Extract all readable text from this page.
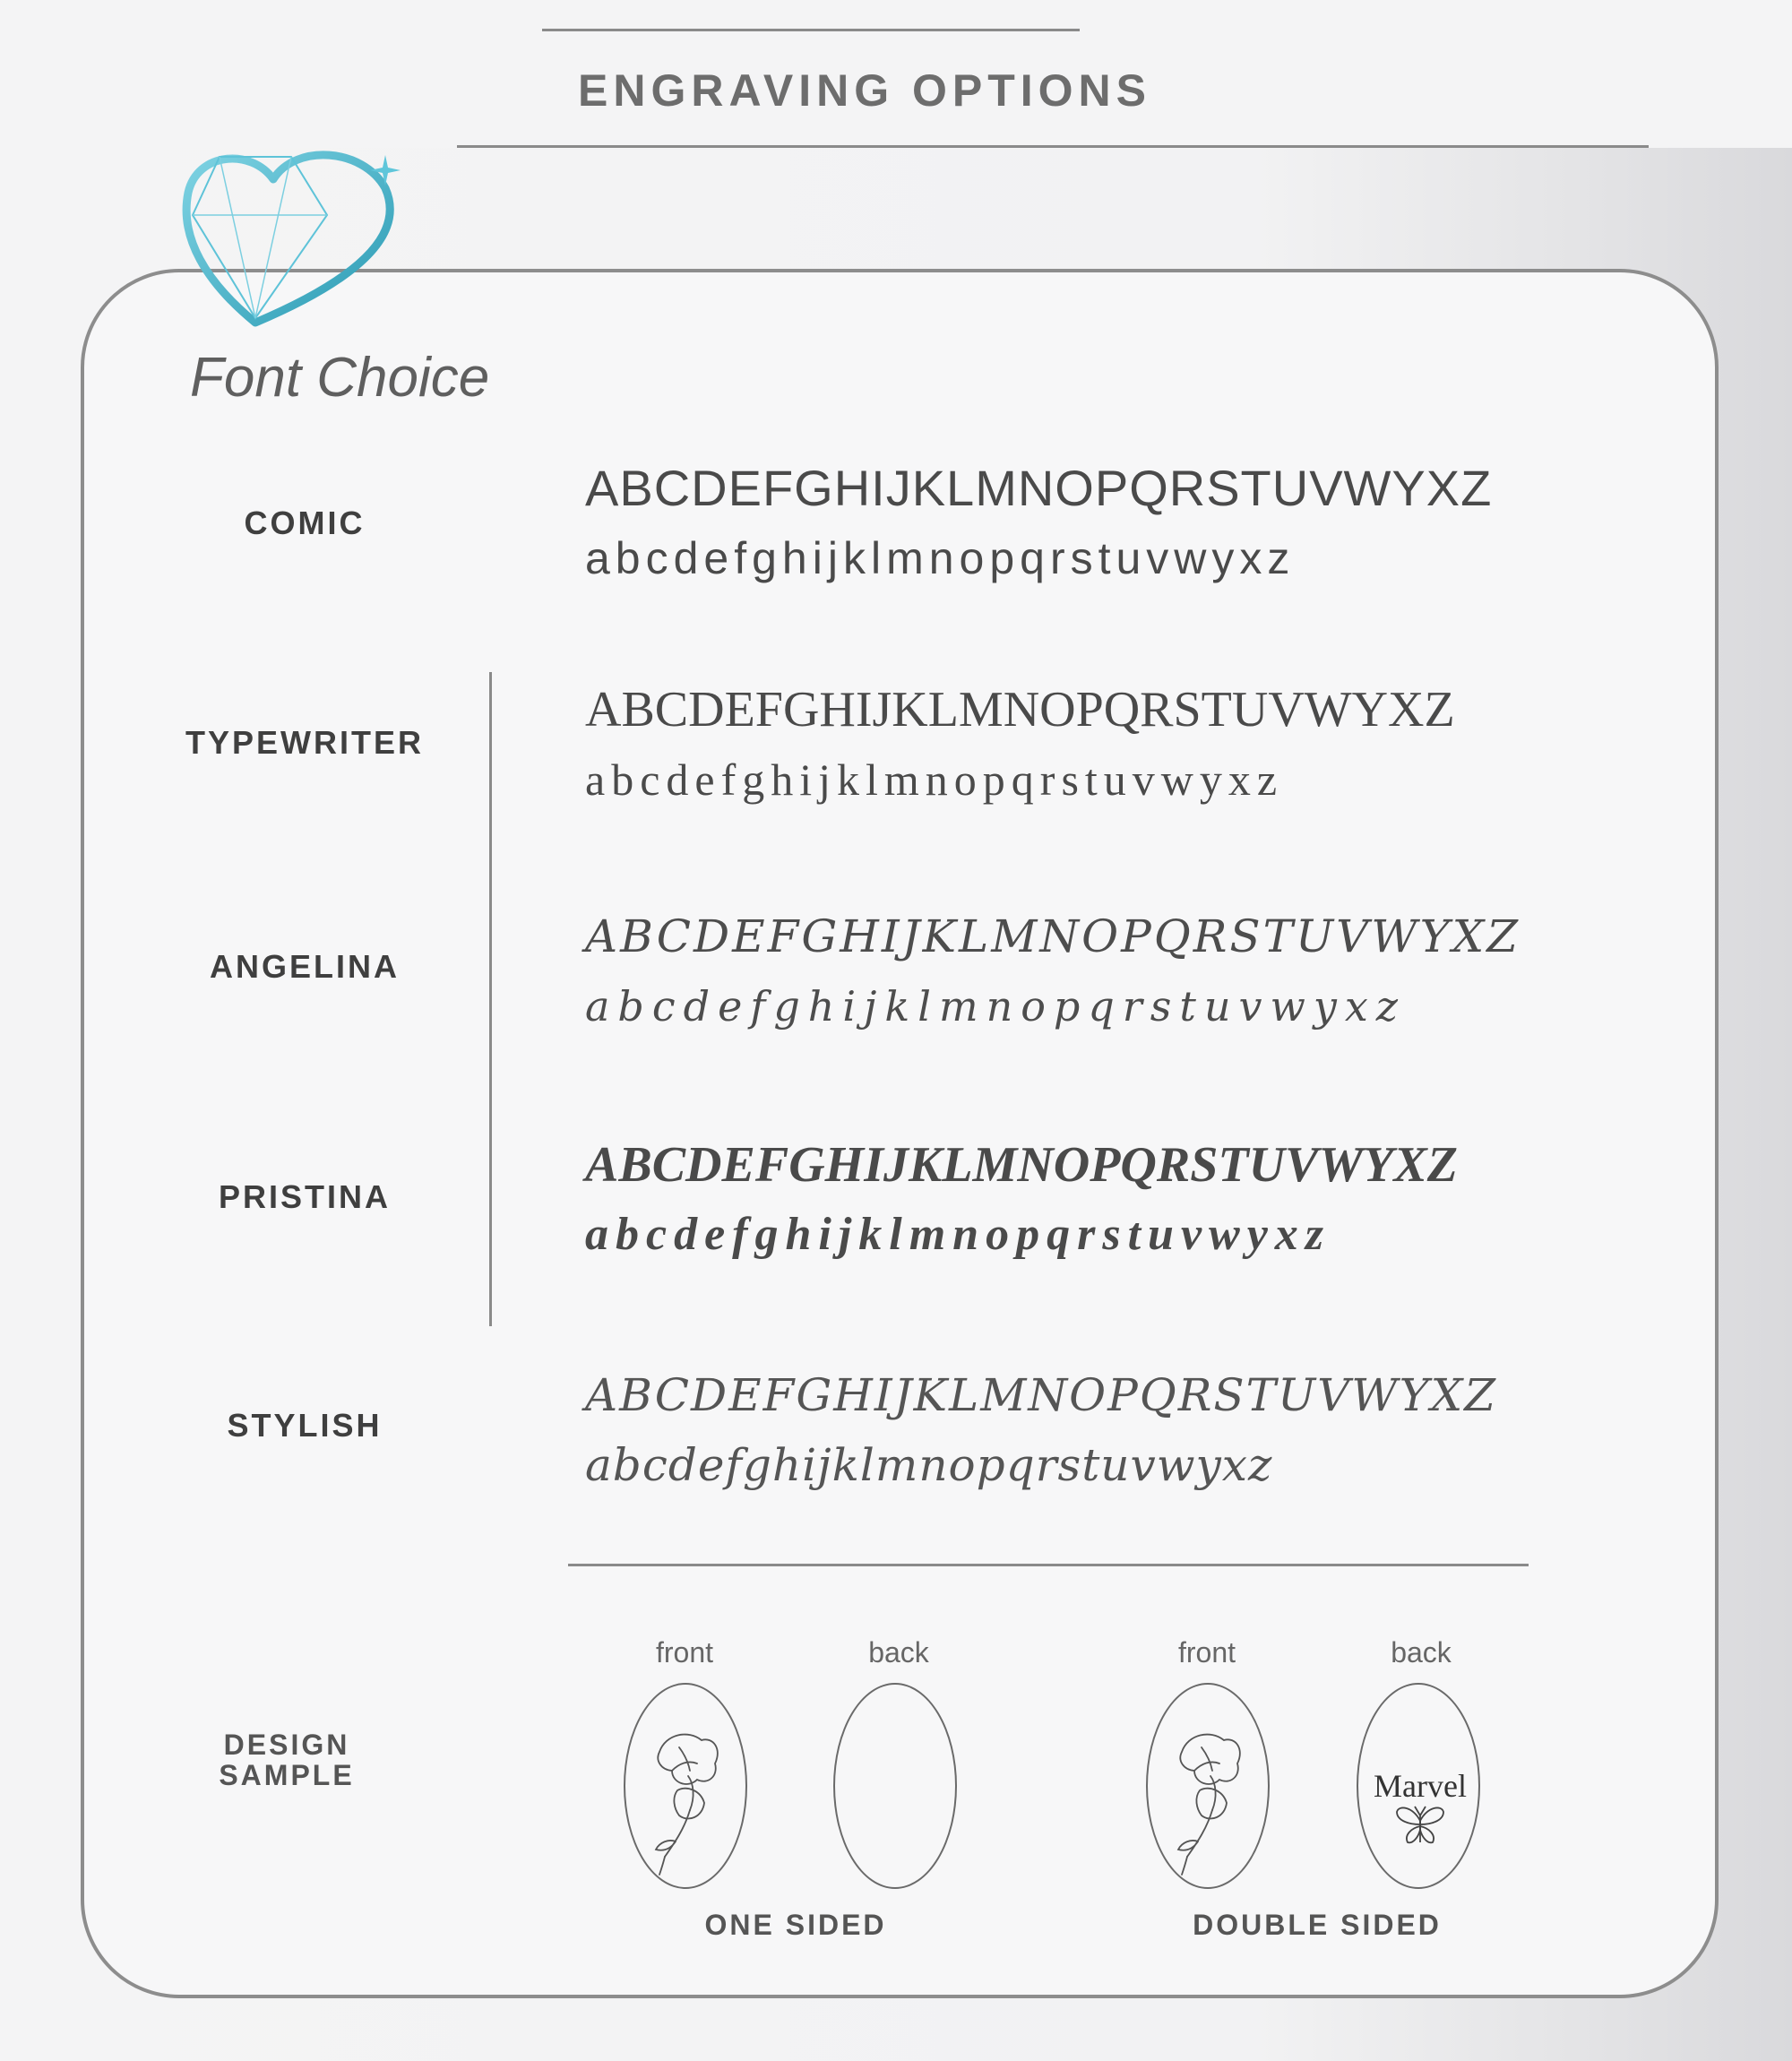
ENGRAVING OPTIONS
Font Choice
COMIC
ABCDEFGHIJKLMNOPQRSTUVWYXZ
abcdefghijklmnopqrstuvwyxz
TYPEWRITER
ABCDEFGHIJKLMNOPQRSTUVWYXZ
abcdefghijklmnopqrstuvwyxz
ANGELINA
ABCDEFGHIJKLMNOPQRSTUVWYXZ
abcdefghijklmnopqrstuvwyxz
PRISTINA
ABCDEFGHIJKLMNOPQRSTUVWYXZ
abcdefghijklmnopqrstuvwyxz
STYLISH
ABCDEFGHIJKLMNOPQRSTUVWYXZ
abcdefghijklmnopqrstuvwyxz
DESIGN
SAMPLE
front	back
ONE SIDED
front	back
Marvel
DOUBLE SIDED
